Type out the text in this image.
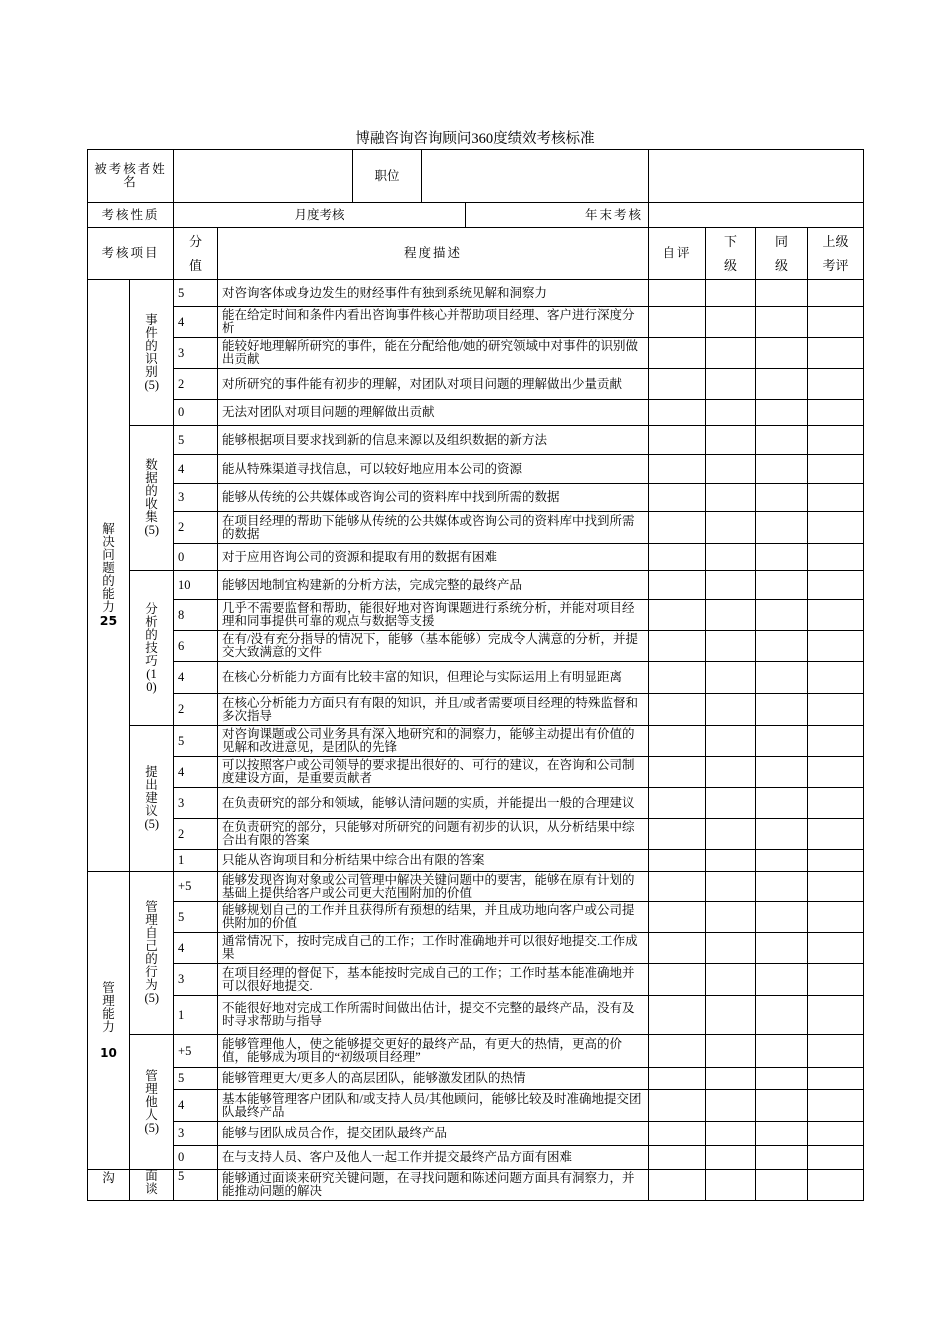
博融咨询咨询顾问360度绩效考核标准
被考核者姓名		职位					

考核性质		月度考核		年末考核			
考核项目		分值	程度描述	自评	下级	同级	上级考评
解决问题的能力
25	事件的识别(5)	5	对咨询客体或身边发生的财经事件有独到系统见解和洞察力				
		4	能在给定时间和条件内看出咨询事件核心并帮助项目经理、客户进行深度分析				
		3	能较好地理解所研究的事件，能在分配给他/她的研究领域中对事件的识别做出贡献				
		2	对所研究的事件能有初步的理解，对团队对项目问题的理解做出少量贡献				
		0	无法对团队对项目问题的理解做出贡献				
	数据的收集(5)	5	能够根据项目要求找到新的信息来源以及组织数据的新方法				
		4	能从特殊渠道寻找信息，可以较好地应用本公司的资源				
		3	能够从传统的公共媒体或咨询公司的资料库中找到所需的数据				
		2	在项目经理的帮助下能够从传统的公共媒体或咨询公司的资料库中找到所需的数据				
		0	对于应用咨询公司的资源和提取有用的数据有困难				
	分析的技巧(10)	10	能够因地制宜构建新的分析方法，完成完整的最终产品				
		8	几乎不需要监督和帮助，能很好地对咨询课题进行系统分析，并能对项目经理和同事提供可靠的观点与数据等支援				
		6	在有/没有充分指导的情况下，能够（基本能够）完成令人满意的分析，并提交大致满意的文件				
		4	在核心分析能力方面有比较丰富的知识，但理论与实际运用上有明显距离				
		2	在核心分析能力方面只有有限的知识，并且/或者需要项目经理的特殊监督和多次指导				
	提出建议(5)	5	对咨询课题或公司业务具有深入地研究和的洞察力，能够主动提出有价值的见解和改进意见，是团队的先锋				
		4	可以按照客户或公司领导的要求提出很好的、可行的建议，在咨询和公司制度建设方面，是重要贡献者				
		3	在负责研究的部分和领域，能够认清问题的实质，并能提出一般的合理建议				
		2	在负责研究的部分，只能够对所研究的问题有初步的认识，从分析结果中综合出有限的答案				
		1	只能从咨询项目和分析结果中综合出有限的答案				
管理能力

10	管理自己的行为(5)	+5	能够发现咨询对象或公司管理中解决关键问题中的要害，能够在原有计划的基础上提供给客户或公司更大范围附加的价值				
		5	能够规划自己的工作并且获得所有预想的结果，并且成功地向客户或公司提供附加的价值				
		4	通常情况下，按时完成自己的工作；工作时准确地并可以很好地提交.工作成果				
		3	在项目经理的督促下，基本能按时完成自己的工作；工作时基本能准确地并可以很好地提交.				
		1	不能很好地对完成工作所需时间做出估计，提交不完整的最终产品，没有及时寻求帮助与指导				
	管理他人(5)	+5	能够管理他人，使之能够提交更好的最终产品，有更大的热情，更高的价值，能够成为项目的“初级项目经理”				
		5	能够管理更大/更多人的高层团队，能够激发团队的热情				
		4	基本能够管理客户团队和/或支持人员/其他顾问，能够比较及时准确地提交团队最终产品				
		3	能够与团队成员合作，提交团队最终产品				
		0	在与支持人员、客户及他人一起工作并提交最终产品方面有困难				
沟	面谈	5	能够通过面谈来研究关键问题，在寻找问题和陈述问题方面具有洞察力，并能推动问题的解决				
